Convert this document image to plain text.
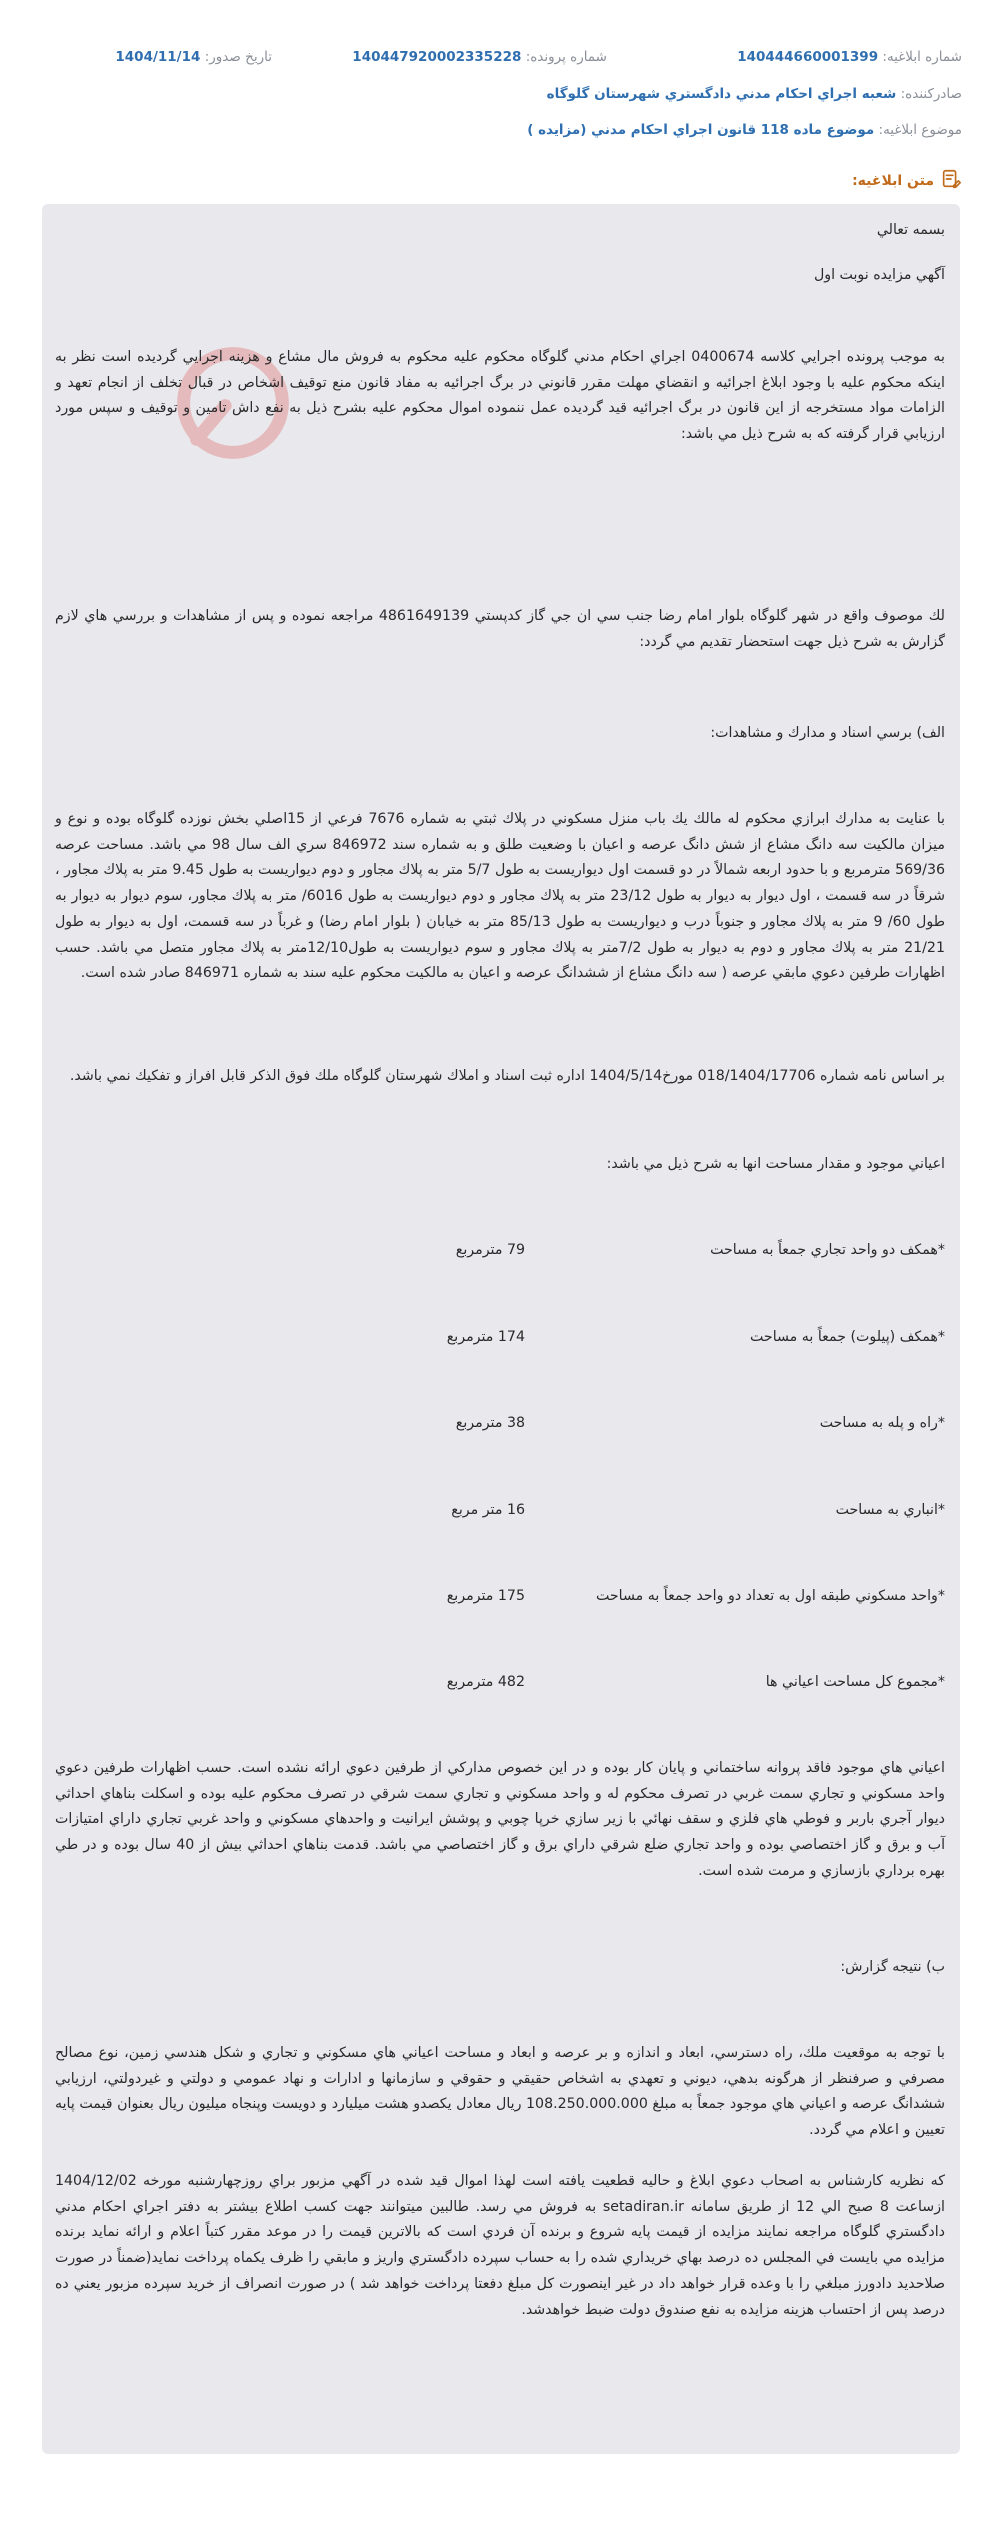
شماره ابلاغيه: 140444660001399
شماره پرونده: 140447920002335228
تاريخ صدور: 1404/11/14
صادرکننده: شعبه اجراي احكام مدني دادگستري شهرستان گلوگاه
موضوع ابلاغيه: موضوع ماده 118 قانون اجراي احكام مدني (مزايده )
متن ابلاغيه:
بسمه تعالي
آگهي مزايده نوبت اول
به موجب پرونده اجرايي كلاسه 0400674 اجراي احكام مدني گلوگاه محكوم عليه محكوم به فروش مال مشاع و هزينه اجرايي گرديده است نظر به اينكه محكوم عليه با وجود ابلاغ اجرائيه و انقضاي مهلت مقرر قانوني در برگ اجرائيه به مفاد قانون منع توقيف اشخاص در قبال تخلف از انجام تعهد و الزامات مواد مستخرجه از اين قانون در برگ اجرائيه قيد گرديده عمل ننموده اموال محكوم عليه بشرح ذيل به نفع داش تامين و توقيف و سپس مورد ارزيابي قرار گرفته كه به شرح ذيل مي باشد:
لك موصوف واقع در شهر گلوگاه بلوار امام رضا جنب سي ان جي گاز كدپستي 4861649139 مراجعه نموده و پس از مشاهدات و بررسي هاي لازم گزارش به شرح ذيل جهت استحضار تقديم مي گردد:
الف) برسي اسناد و مدارك و مشاهدات:
با عنايت به مدارك ابرازي محكوم له مالك يك باب منزل مسكوني در پلاك ثبتي به شماره 7676 فرعي از 15اصلي بخش نوزده گلوگاه بوده و نوع و ميزان مالكيت سه دانگ مشاع از شش دانگ عرصه و اعيان با وضعيت طلق و به شماره سند 846972 سري الف سال 98 مي باشد. مساحت عرصه 569/36 مترمربع و با حدود اربعه شمالاً در دو قسمت اول ديواريست به طول 5/7 متر به پلاك مجاور و دوم ديواريست به طول 9.45 متر به پلاك مجاور ، شرقاً در سه قسمت ، اول ديوار به ديوار به طول 23/12 متر به پلاك مجاور و دوم ديواريست به طول 6016/ متر به پلاك مجاور، سوم ديوار به ديوار به طول 60/ 9 متر به پلاك مجاور و جنوباً درب و ديواريست به طول 85/13 متر به خيابان ( بلوار امام رضا) و غرباً در سه قسمت، اول به ديوار به طول 21/21 متر به پلاك مجاور و دوم به ديوار به طول 7/2متر به پلاك مجاور و سوم ديواريست به طول12/10متر به پلاك مجاور متصل مي باشد. حسب اظهارات طرفين دعوي مابقي عرصه ( سه دانگ مشاع از ششدانگ عرصه و اعيان به مالكيت محكوم عليه سند به شماره 846971 صادر شده است.
بر اساس نامه شماره 018/1404/17706 مورخ1404/5/14 اداره ثبت اسناد و املاك شهرستان گلوگاه ملك فوق الذكر قابل افراز و تفكيك نمي باشد.
اعياني موجود و مقدار مساحت انها به شرح ذيل مي باشد:
*همكف دو واحد تجاري جمعاً به مساحت
79 مترمربع
*همكف (پيلوت) جمعاً به مساحت
174 مترمربع
*راه و پله به مساحت
38 مترمربع
*انباري به مساحت
16 متر مربع
*واحد مسكوني طبقه اول به تعداد دو واحد جمعاً به مساحت
175 مترمربع
*مجموع كل مساحت اعياني ها
482 مترمربع
اعياني هاي موجود فاقد پروانه ساختماني و پايان كار بوده و در اين خصوص مداركي از طرفين دعوي ارائه نشده است. حسب اظهارات طرفين دعوي واحد مسكوني و تجاري سمت غربي در تصرف محكوم له و واحد مسكوني و تجاري سمت شرقي در تصرف محكوم عليه بوده و اسكلت بناهاي احداثي ديوار آجري باربر و فوطي هاي فلزي و سقف نهائي با زير سازي خرپا چوبي و پوشش ايرانيت و واحدهاي مسكوني و واحد غربي تجاري داراي امتيازات آب و برق و گاز اختصاصي بوده و واحد تجاري ضلع شرقي داراي برق و گاز اختصاصي مي باشد. قدمت بناهاي احداثي بيش از 40 سال بوده و در طي بهره برداري بازسازي و مرمت شده است.
ب) نتيجه گزارش:
با توجه به موقعيت ملك، راه دسترسي، ابعاد و اندازه و بر عرصه و ابعاد و مساحت اعياني هاي مسكوني و تجاري و شكل هندسي زمين، نوع مصالح مصرفي و صرفنظر از هرگونه بدهي، ديوني و تعهدي به اشخاص حقيقي و حقوقي و سازمانها و ادارات و نهاد عمومي و دولتي و غيردولتي، ارزيابي ششدانگ عرصه و اعياني هاي موجود جمعاً به مبلغ 108.250.000.000 ريال معادل يكصدو هشت ميليارد و دويست وپنجاه ميليون ريال بعنوان قيمت پايه تعيين و اعلام مي گردد.
كه نظريه كارشناس به اصحاب دعوي ابلاغ و حاليه قطعيت يافته است لهذا اموال قيد شده در آگهي مزبور براي روزچهارشنبه مورخه 1404/12/02 ازساعت 8 صبح الي 12 از طريق سامانه setadiran.ir به فروش مي رسد. طالبين ميتوانند جهت كسب اطلاع بيشتر به دفتر اجراي احكام مدني دادگستري گلوگاه مراجعه نمايند مزايده از قيمت پايه شروع و برنده آن فردي است كه بالاترين قيمت را در موعد مقرر كتباً اعلام و ارائه نمايد برنده مزايده مي بايست في المجلس ده درصد بهاي خريداري شده را به حساب سپرده دادگستري واريز و مابقي را ظرف يكماه پرداخت نمايد(ضمناً در صورت صلاحديد دادورز مبلغي را با وعده قرار خواهد داد در غير اينصورت كل مبلغ دفعتا پرداخت خواهد شد ) در صورت انصراف از خريد سپرده مزبور يعني ده درصد پس از احتساب هزينه مزايده به نفع صندوق دولت ضبط خواهدشد.
